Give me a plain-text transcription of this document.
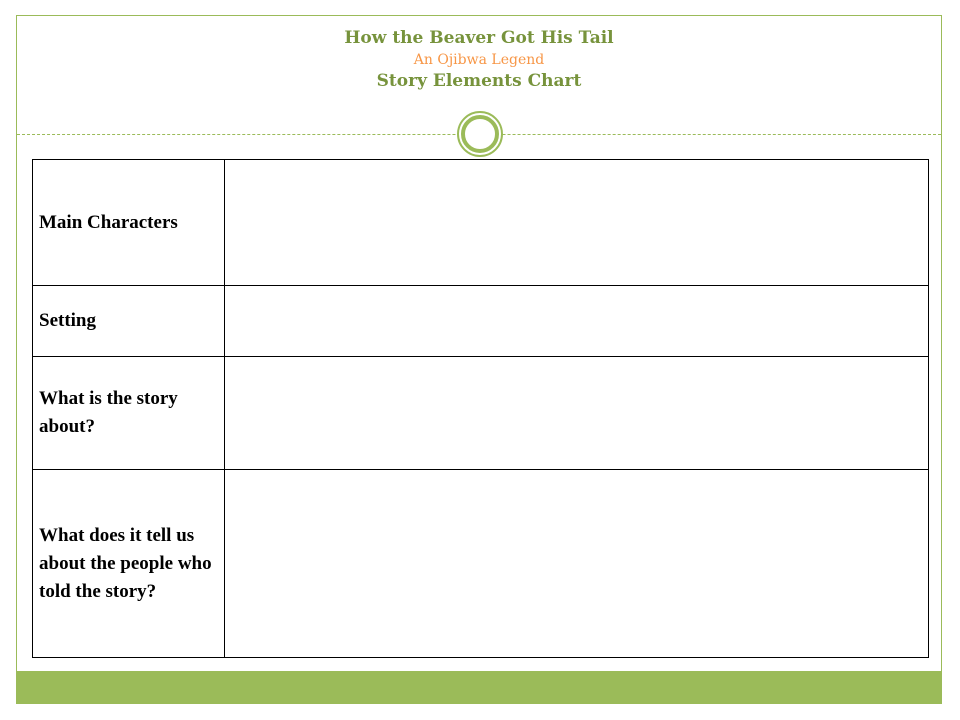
How the Beaver Got His Tail

An Ojibwa Legend

Story Elements Chart

Main Characters	
Setting	
What is the story about?	
What does it tell us about the people who told the story?	
